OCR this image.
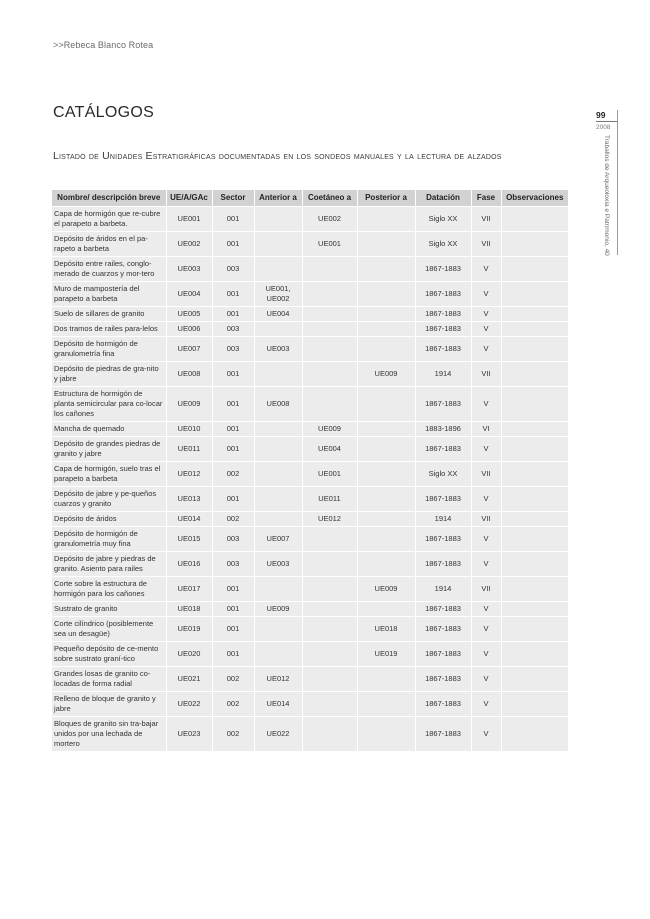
>>Rebeca Blanco Rotea
CATÁLOGOS
Listado de Unidades Estratigráficas documentadas en los sondeos manuales y la lectura de alzados
99
2008
Traballos de Arqueoloxía e Patrimonio, 40
Nombre/ descripción breve	UE/A/GAc	Sector	Anterior a	Coetáneo a	Posterior a	Datación	Fase	Observaciones
Capa de hormigón que re-cubre el parapeto a barbeta.	UE001	001		UE002		Siglo XX	VII	
Depósito de áridos en el pa-rapeto a barbeta	UE002	001		UE001		Siglo XX	VII	
Depósito entre railes, conglo-merado de cuarzos y mor-tero	UE003	003				1867-1883	V	
Muro de mampostería del parapeto a barbeta	UE004	001	UE001, UE002			1867-1883	V	
Suelo de sillares de granito	UE005	001	UE004			1867-1883	V	
Dos tramos de railes para-lelos	UE006	003				1867-1883	V	
Depósito de hormigón de granulometría fina	UE007	003	UE003			1867-1883	V	
Depósito de piedras de gra-nito y jabre	UE008	001			UE009	1914	VII	
Estructura de hormigón de planta semicircular para co-locar los cañones	UE009	001	UE008			1867-1883	V	
Mancha de quemado	UE010	001		UE009		1883-1896	VI	
Depósito de grandes piedras de granito y jabre	UE011	001		UE004		1867-1883	V	
Capa de hormigón, suelo tras el parapeto a barbeta	UE012	002		UE001		Siglo XX	VII	
Depósito de jabre y pe-queños cuarzos y granito	UE013	001		UE011		1867-1883	V	
Depósito de áridos	UE014	002		UE012		1914	VII	
Depósito de hormigón de granulometría muy fina	UE015	003	UE007			1867-1883	V	
Depósito de jabre y piedras de granito. Asiento para railes	UE016	003	UE003			1867-1883	V	
Corte sobre la estructura de hormigón para los cañones	UE017	001			UE009	1914	VII	
Sustrato de granito	UE018	001	UE009			1867-1883	V	
Corte cilíndrico (posiblemente sea un desagüe)	UE019	001			UE018	1867-1883	V	
Pequeño depósito de ce-mento sobre sustrato graní-tico	UE020	001			UE019	1867-1883	V	
Grandes losas de granito co-locadas de forma radial	UE021	002	UE012			1867-1883	V	
Relleno de bloque de granito y jabre	UE022	002	UE014			1867-1883	V	
Bloques de granito sin tra-bajar unidos por una lechada de mortero	UE023	002	UE022			1867-1883	V	
